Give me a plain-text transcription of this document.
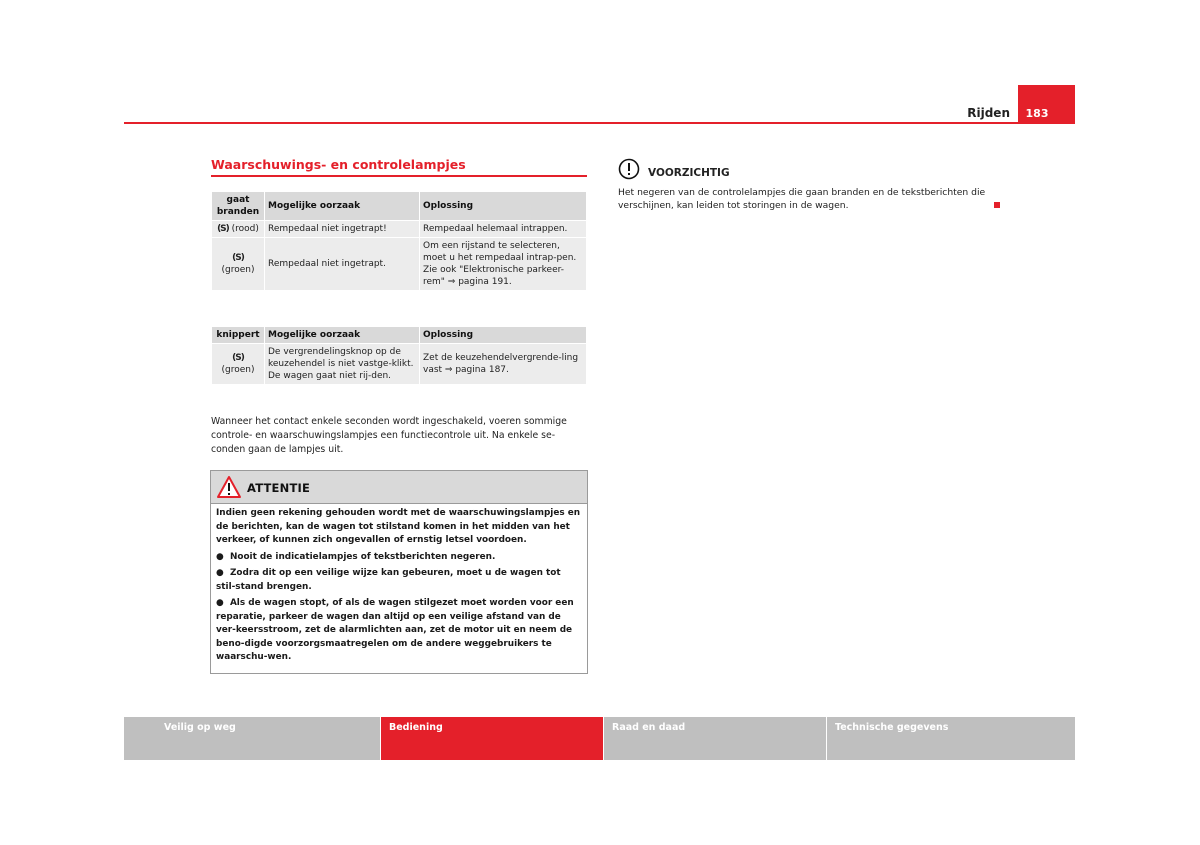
Rijden	183
Waarschuwings- en controlelampjes
gaat branden	Mogelijke oorzaak	Oplossing
(S) (rood)	Rempedaal niet ingetrapt!	Rempedaal helemaal intrappen.
(S)
(groen)	Rempedaal niet ingetrapt.	Om een rijstand te selecteren, moet u het rempedaal intrap-pen.
Zie ook "Elektronische parkeer-rem" ⇒ pagina 191.
knippert	Mogelijke oorzaak	Oplossing
(S)
(groen)	De vergrendelingsknop op de keuzehendel is niet vastge-klikt. De wagen gaat niet rij-den.	Zet de keuzehendelvergrende-ling vast ⇒ pagina 187.
Wanneer het contact enkele seconden wordt ingeschakeld, voeren sommige controle- en waarschuwingslampjes een functiecontrole uit. Na enkele se-conden gaan de lampjes uit.
ATTENTIE

Indien geen rekening gehouden wordt met de waarschuwingslampjes en de berichten, kan de wagen tot stilstand komen in het midden van het verkeer, of kunnen zich ongevallen of ernstig letsel voordoen.

●  Nooit de indicatielampjes of tekstberichten negeren.

●  Zodra dit op een veilige wijze kan gebeuren, moet u de wagen tot stil-stand brengen.

●  Als de wagen stopt, of als de wagen stilgezet moet worden voor een reparatie, parkeer de wagen dan altijd op een veilige afstand van de ver-keersstroom, zet de alarmlichten aan, zet de motor uit en neem de beno-digde voorzorgsmaatregelen om de andere weggebruikers te waarschu-wen.

VOORZICHTIG
Het negeren van de controlelampjes die gaan branden en de tekstberichten die verschijnen, kan leiden tot storingen in de wagen.
Veilig op weg	Bediening	Raad en daad	Technische gegevens
